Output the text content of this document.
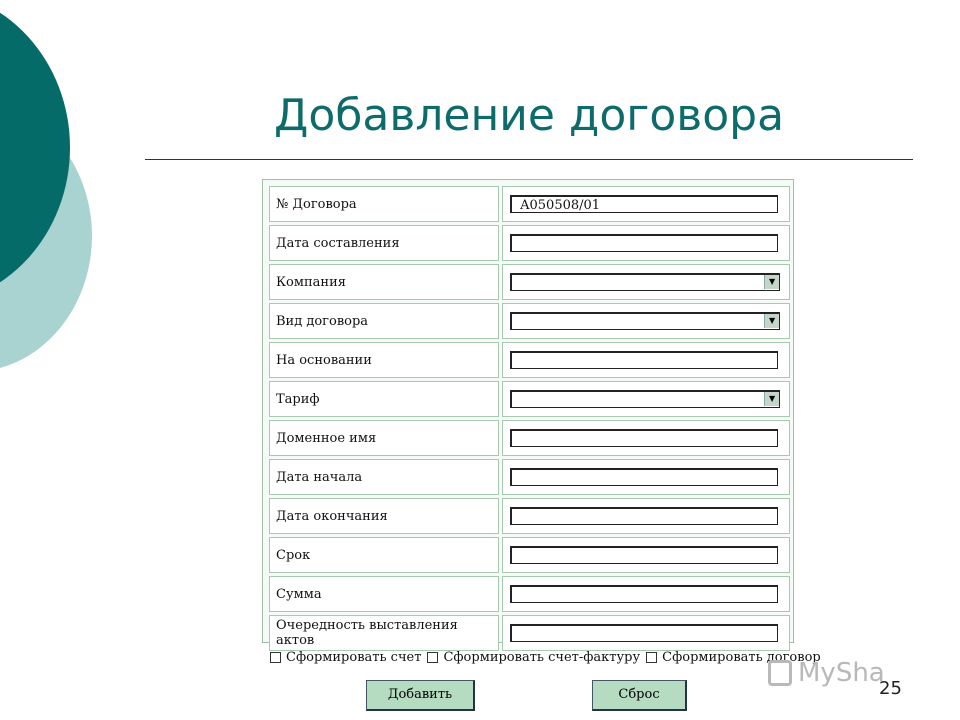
Добавление договора
№ Договора	A050508/01

Дата составления	

Компания	▼

Вид договора	▼

На основании	

Тариф	▼

Доменное имя	

Дата начала	

Дата окончания	

Срок	

Сумма	

Очередность выставления актов	
Сформировать счет Сформировать счет-фактуру Сформировать договор
Добавить	Сброс
MySha
25
